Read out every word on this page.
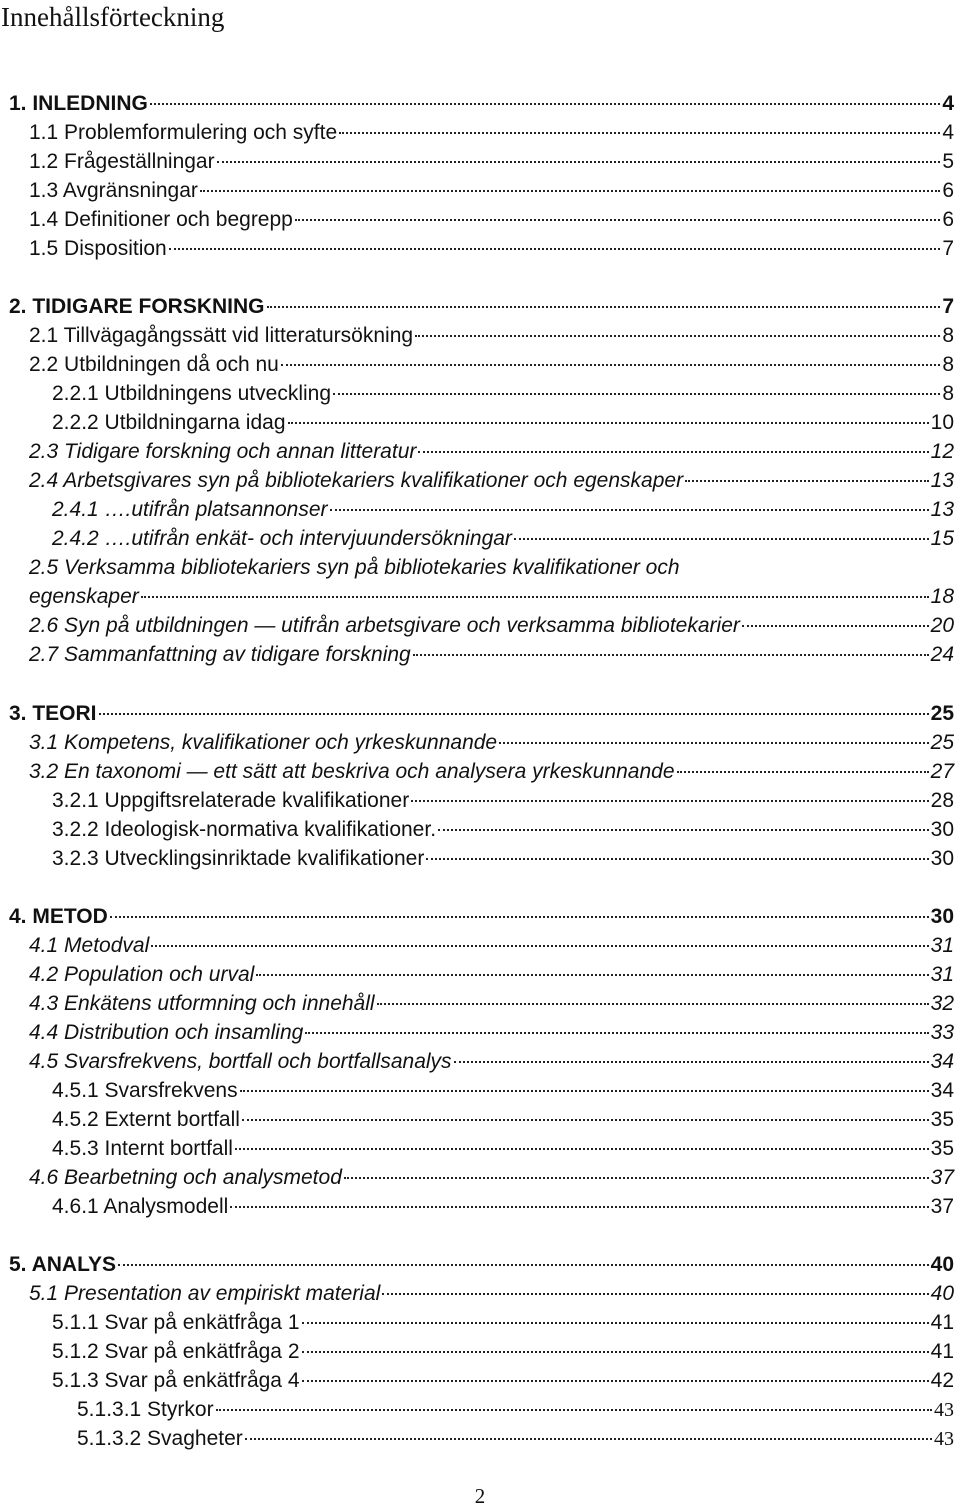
Innehållsförteckning
1. INLEDNING	4
1.1 Problemformulering och syfte	4
1.2 Frågeställningar	5
1.3 Avgränsningar	6
1.4 Definitioner och begrepp	6
1.5 Disposition	7
2. TIDIGARE FORSKNING	7
2.1 Tillvägagångssätt vid litteratursökning	8
2.2 Utbildningen då och nu	8
2.2.1 Utbildningens utveckling	8
2.2.2 Utbildningarna idag	10
2.3 Tidigare forskning och annan litteratur	12
2.4 Arbetsgivares syn på bibliotekariers kvalifikationer och egenskaper	13
2.4.1 ….utifrån platsannonser	13
2.4.2 ….utifrån enkät- och intervjuundersökningar	15
2.5 Verksamma bibliotekariers syn på bibliotekaries kvalifikationer och
egenskaper	18
2.6 Syn på utbildningen — utifrån arbetsgivare och verksamma bibliotekarier	20
2.7 Sammanfattning av tidigare forskning	24
3. TEORI	25
3.1 Kompetens, kvalifikationer och yrkeskunnande	25
3.2 En taxonomi — ett sätt att beskriva och analysera yrkeskunnande	27
3.2.1 Uppgiftsrelaterade kvalifikationer	28
3.2.2 Ideologisk-normativa kvalifikationer.	30
3.2.3 Utvecklingsinriktade kvalifikationer	30
4. METOD	30
4.1 Metodval	31
4.2 Population och urval	31
4.3 Enkätens utformning och innehåll	32
4.4 Distribution och insamling	33
4.5 Svarsfrekvens, bortfall och bortfallsanalys	34
4.5.1 Svarsfrekvens	34
4.5.2 Externt bortfall	35
4.5.3 Internt bortfall	35
4.6 Bearbetning och analysmetod	37
4.6.1 Analysmodell	37
5. ANALYS	40
5.1 Presentation av empiriskt material	40
5.1.1 Svar på enkätfråga 1	41
5.1.2 Svar på enkätfråga 2	41
5.1.3 Svar på enkätfråga 4	42
5.1.3.1 Styrkor	43
5.1.3.2 Svagheter	43
2
